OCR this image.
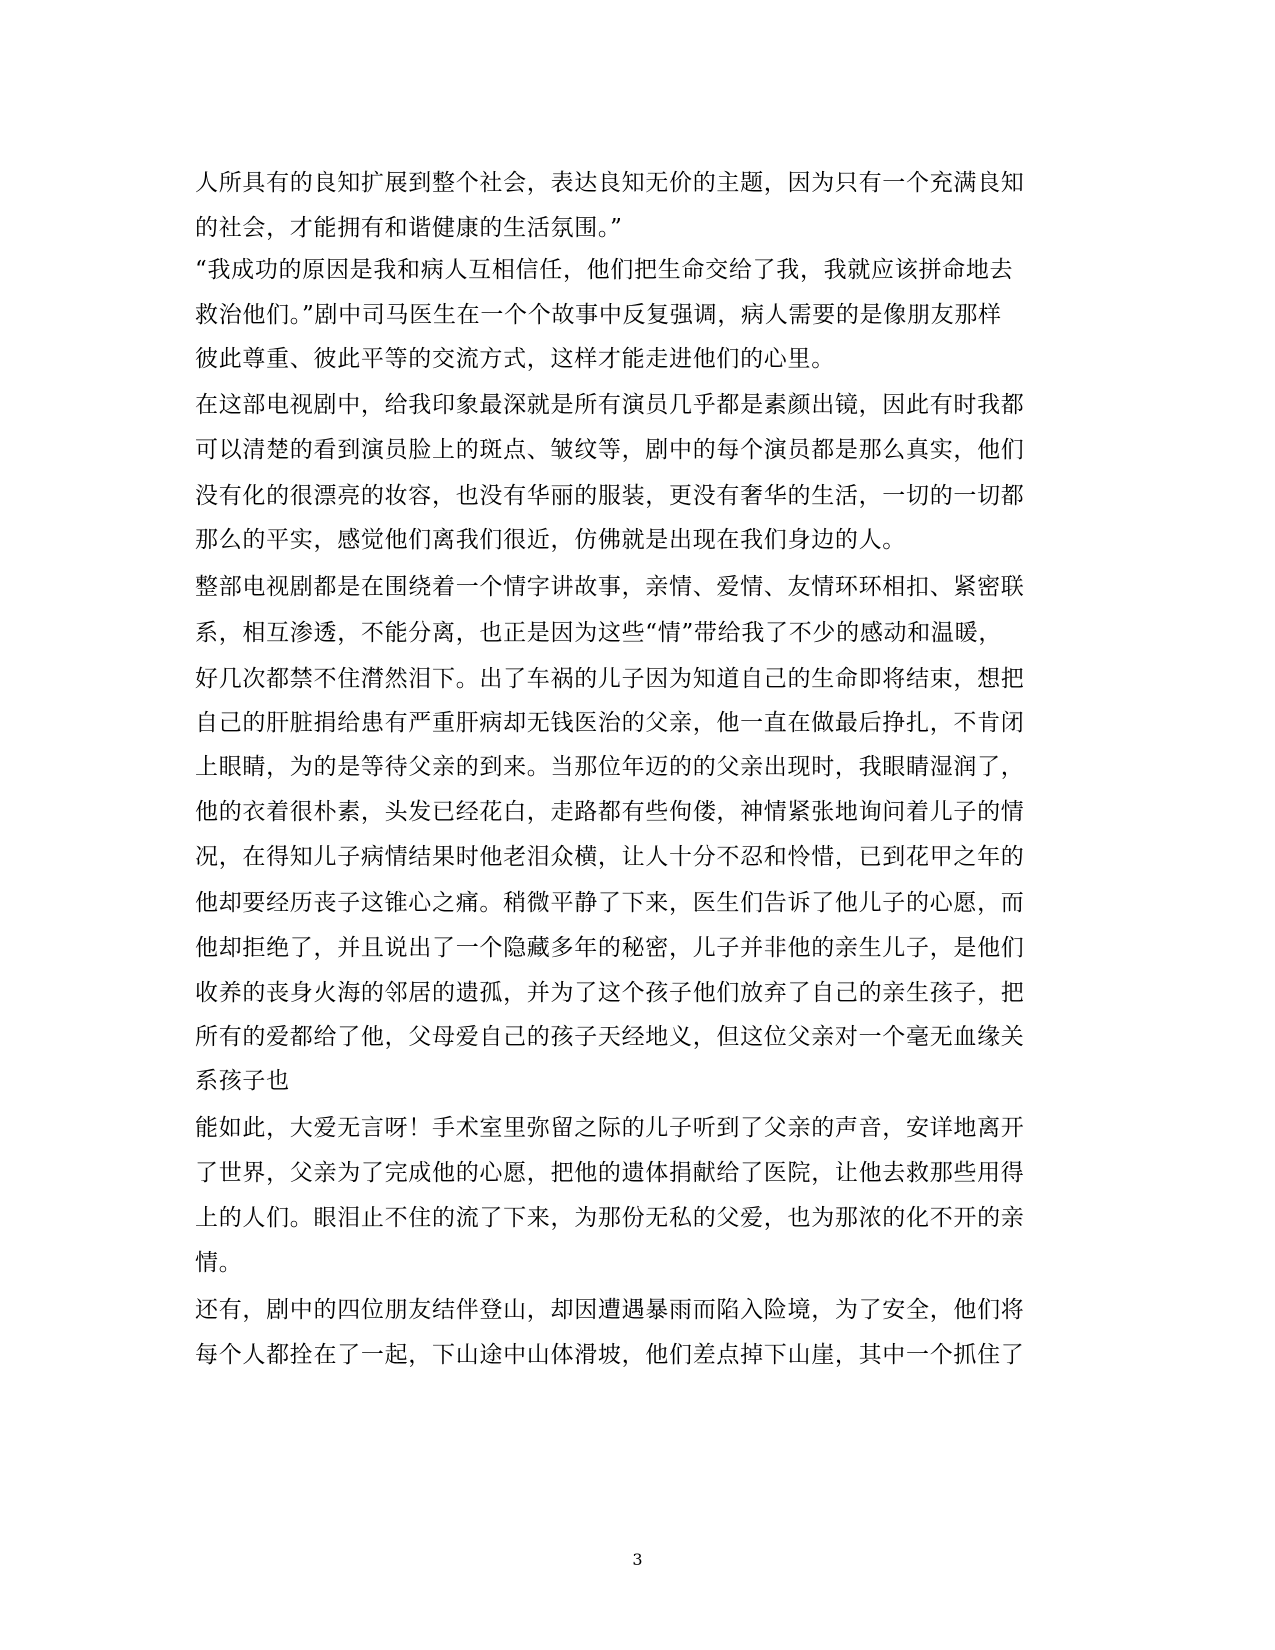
人所具有的良知扩展到整个社会，表达良知无价的主题，因为只有一个充满良知
的社会，才能拥有和谐健康的生活氛围。”
“我成功的原因是我和病人互相信任，他们把生命交给了我，我就应该拼命地去
救治他们。”剧中司马医生在一个个故事中反复强调，病人需要的是像朋友那样
彼此尊重、彼此平等的交流方式，这样才能走进他们的心里。
在这部电视剧中，给我印象最深就是所有演员几乎都是素颜出镜，因此有时我都
可以清楚的看到演员脸上的斑点、皱纹等，剧中的每个演员都是那么真实，他们
没有化的很漂亮的妆容，也没有华丽的服装，更没有奢华的生活，一切的一切都
那么的平实，感觉他们离我们很近，仿佛就是出现在我们身边的人。
整部电视剧都是在围绕着一个情字讲故事，亲情、爱情、友情环环相扣、紧密联
系，相互渗透，不能分离，也正是因为这些“情”带给我了不少的感动和温暖，
好几次都禁不住潸然泪下。出了车祸的儿子因为知道自己的生命即将结束，想把
自己的肝脏捐给患有严重肝病却无钱医治的父亲，他一直在做最后挣扎，不肯闭
上眼睛，为的是等待父亲的到来。当那位年迈的的父亲出现时，我眼睛湿润了，
他的衣着很朴素，头发已经花白，走路都有些佝偻，神情紧张地询问着儿子的情
况，在得知儿子病情结果时他老泪众横，让人十分不忍和怜惜，已到花甲之年的
他却要经历丧子这锥心之痛。稍微平静了下来，医生们告诉了他儿子的心愿，而
他却拒绝了，并且说出了一个隐藏多年的秘密，儿子并非他的亲生儿子，是他们
收养的丧身火海的邻居的遗孤，并为了这个孩子他们放弃了自己的亲生孩子，把
所有的爱都给了他，父母爱自己的孩子天经地义，但这位父亲对一个毫无血缘关
系孩子也
能如此，大爱无言呀！手术室里弥留之际的儿子听到了父亲的声音，安详地离开
了世界，父亲为了完成他的心愿，把他的遗体捐献给了医院，让他去救那些用得
上的人们。眼泪止不住的流了下来，为那份无私的父爱，也为那浓的化不开的亲
情。
还有，剧中的四位朋友结伴登山，却因遭遇暴雨而陷入险境，为了安全，他们将
每个人都拴在了一起，下山途中山体滑坡，他们差点掉下山崖，其中一个抓住了
3
